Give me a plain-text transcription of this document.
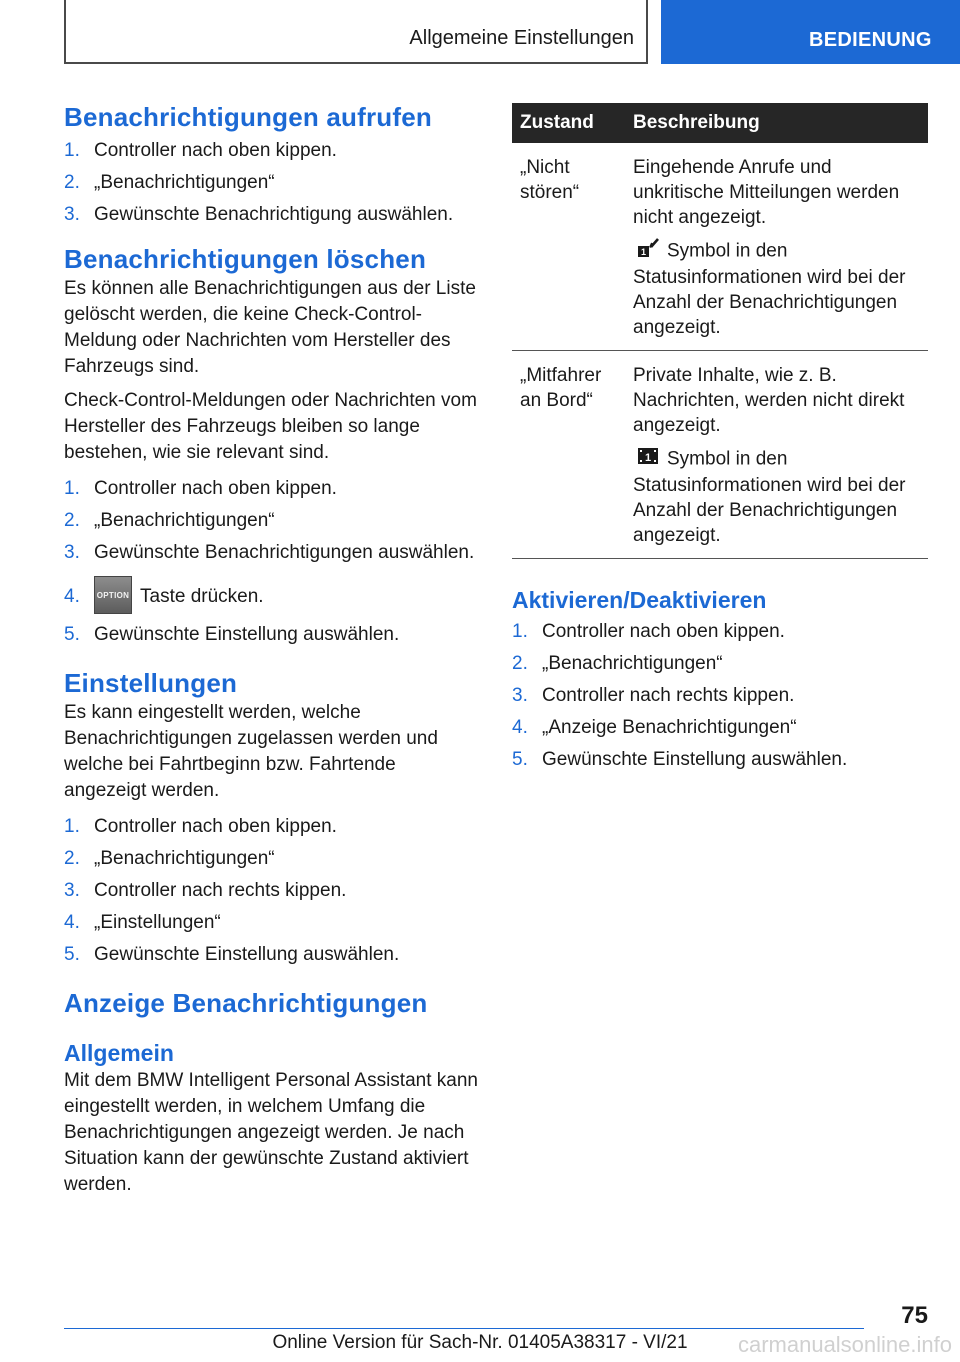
Allgemeine Einstellungen	BEDIENUNG
Benachrichtigungen aufrufen
1. Controller nach oben kippen.
2. „Benachrichtigungen“
3. Gewünschte Benachrichtigung auswählen.
Benachrichtigungen löschen

Es können alle Benachrichtigungen aus der Liste gelöscht werden, die keine Check-Control-Meldung oder Nachrichten vom Hersteller des Fahrzeugs sind.

Check-Control-Meldungen oder Nachrichten vom Hersteller des Fahrzeugs bleiben so lange bestehen, wie sie relevant sind.

1. Controller nach oben kippen.
2. „Benachrichtigungen“
3. Gewünschte Benachrichtigungen auswählen.
4. OPTION Taste drücken.
5. Gewünschte Einstellung auswählen.
Einstellungen

Es kann eingestellt werden, welche Benachrichtigungen zugelassen werden und welche bei Fahrtbeginn bzw. Fahrtende angezeigt werden.

1. Controller nach oben kippen.
2. „Benachrichtigungen“
3. Controller nach rechts kippen.
4. „Einstellungen“
5. Gewünschte Einstellung auswählen.
Anzeige Benachrichtigungen
Allgemein

Mit dem BMW Intelligent Personal Assistant kann eingestellt werden, in welchem Umfang die Benachrichtigungen angezeigt werden. Je nach Situation kann der gewünschte Zustand aktiviert werden.

Zustand	Beschreibung
„Nicht stören“	Eingehende Anrufe und unkritische Mitteilungen werden nicht angezeigt.

1 Symbol in den Statusinformationen wird bei der Anzahl der Benachrichtigungen angezeigt.

„Mitfahrer an Bord“	Private Inhalte, wie z. B. Nachrichten, werden nicht direkt angezeigt.

1 Symbol in den Statusinformationen wird bei der Anzahl der Benachrichtigungen angezeigt.

Aktivieren/Deaktivieren
1. Controller nach oben kippen.
2. „Benachrichtigungen“
3. Controller nach rechts kippen.
4. „Anzeige Benachrichtigungen“
5. Gewünschte Einstellung auswählen.
75
Online Version für Sach-Nr. 01405A38317 - VI/21	carmanualsonline.info
